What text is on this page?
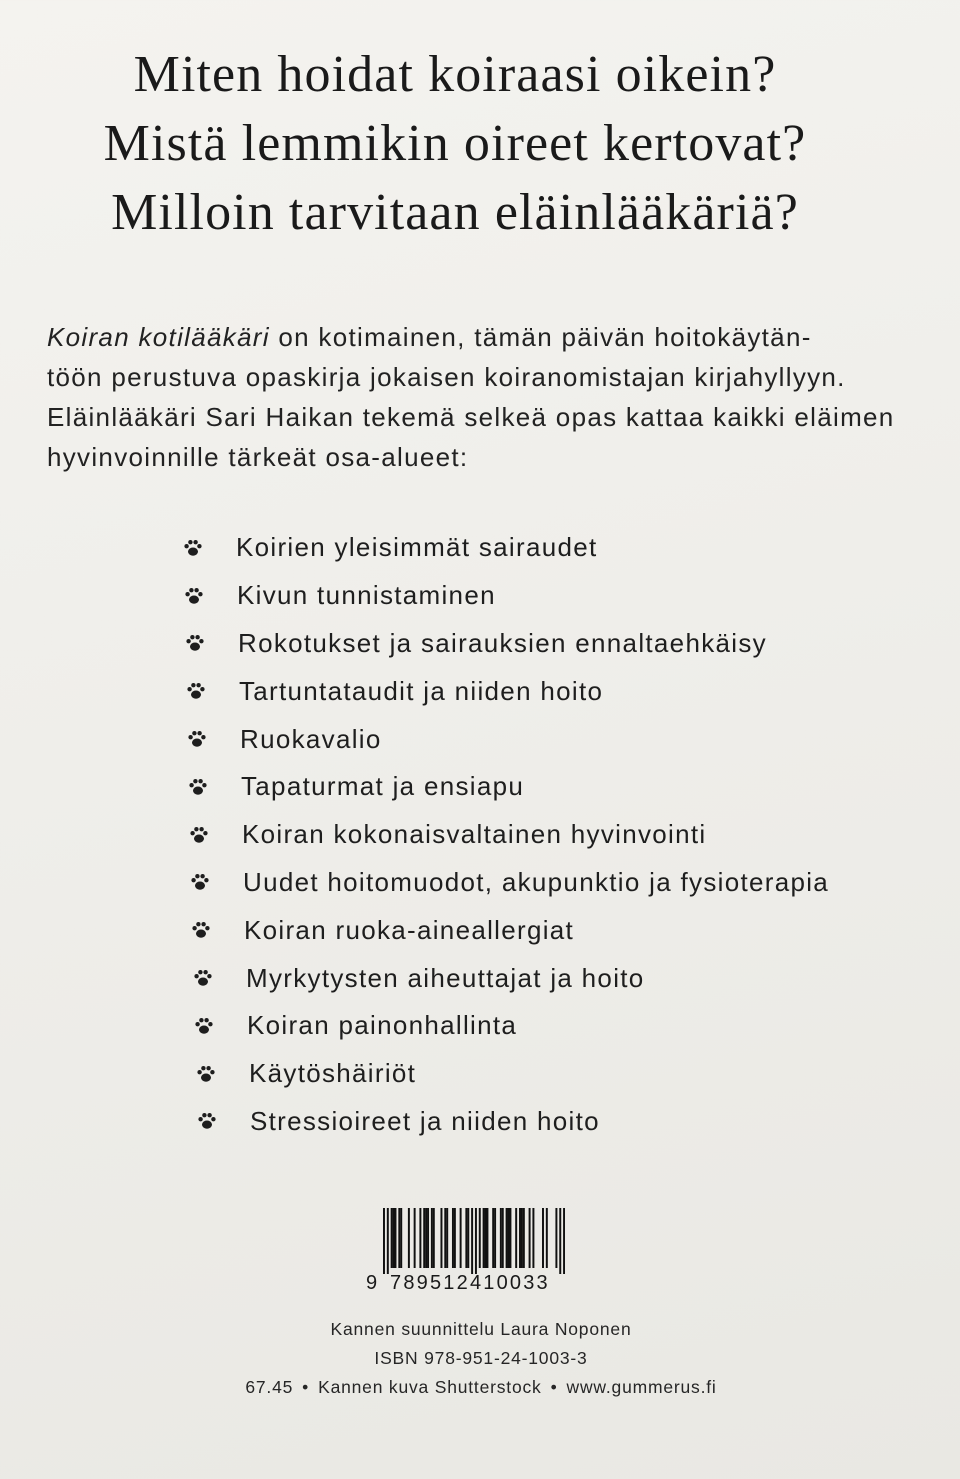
Miten hoidat koiraasi oikein?
Mistä lemmikin oireet kertovat?
Milloin tarvitaan eläinlääkäriä?
Koiran kotilääkäri on kotimainen, tämän päivän hoitokäytän-
töön perustuva opaskirja jokaisen koiranomistajan kirjahyllyyn.
Eläinlääkäri Sari Haikan tekemä selkeä opas kattaa kaikki eläimen
hyvinvoinnille tärkeät osa-alueet:
Koirien yleisimmät sairaudet
Kivun tunnistaminen
Rokotukset ja sairauksien ennaltaehkäisy
Tartuntataudit ja niiden hoito
Ruokavalio
Tapaturmat ja ensiapu
Koiran kokonaisvaltainen hyvinvointi
Uudet hoitomuodot, akupunktio ja fysioterapia
Koiran ruoka-aineallergiat
Myrkytysten aiheuttajat ja hoito
Koiran painonhallinta
Käytöshäiriöt
Stressioireet ja niiden hoito
9 789512410033
Kannen suunnittelu Laura Noponen
ISBN 978-951-24-1003-3
67.45 • Kannen kuva Shutterstock • www.gummerus.fi
